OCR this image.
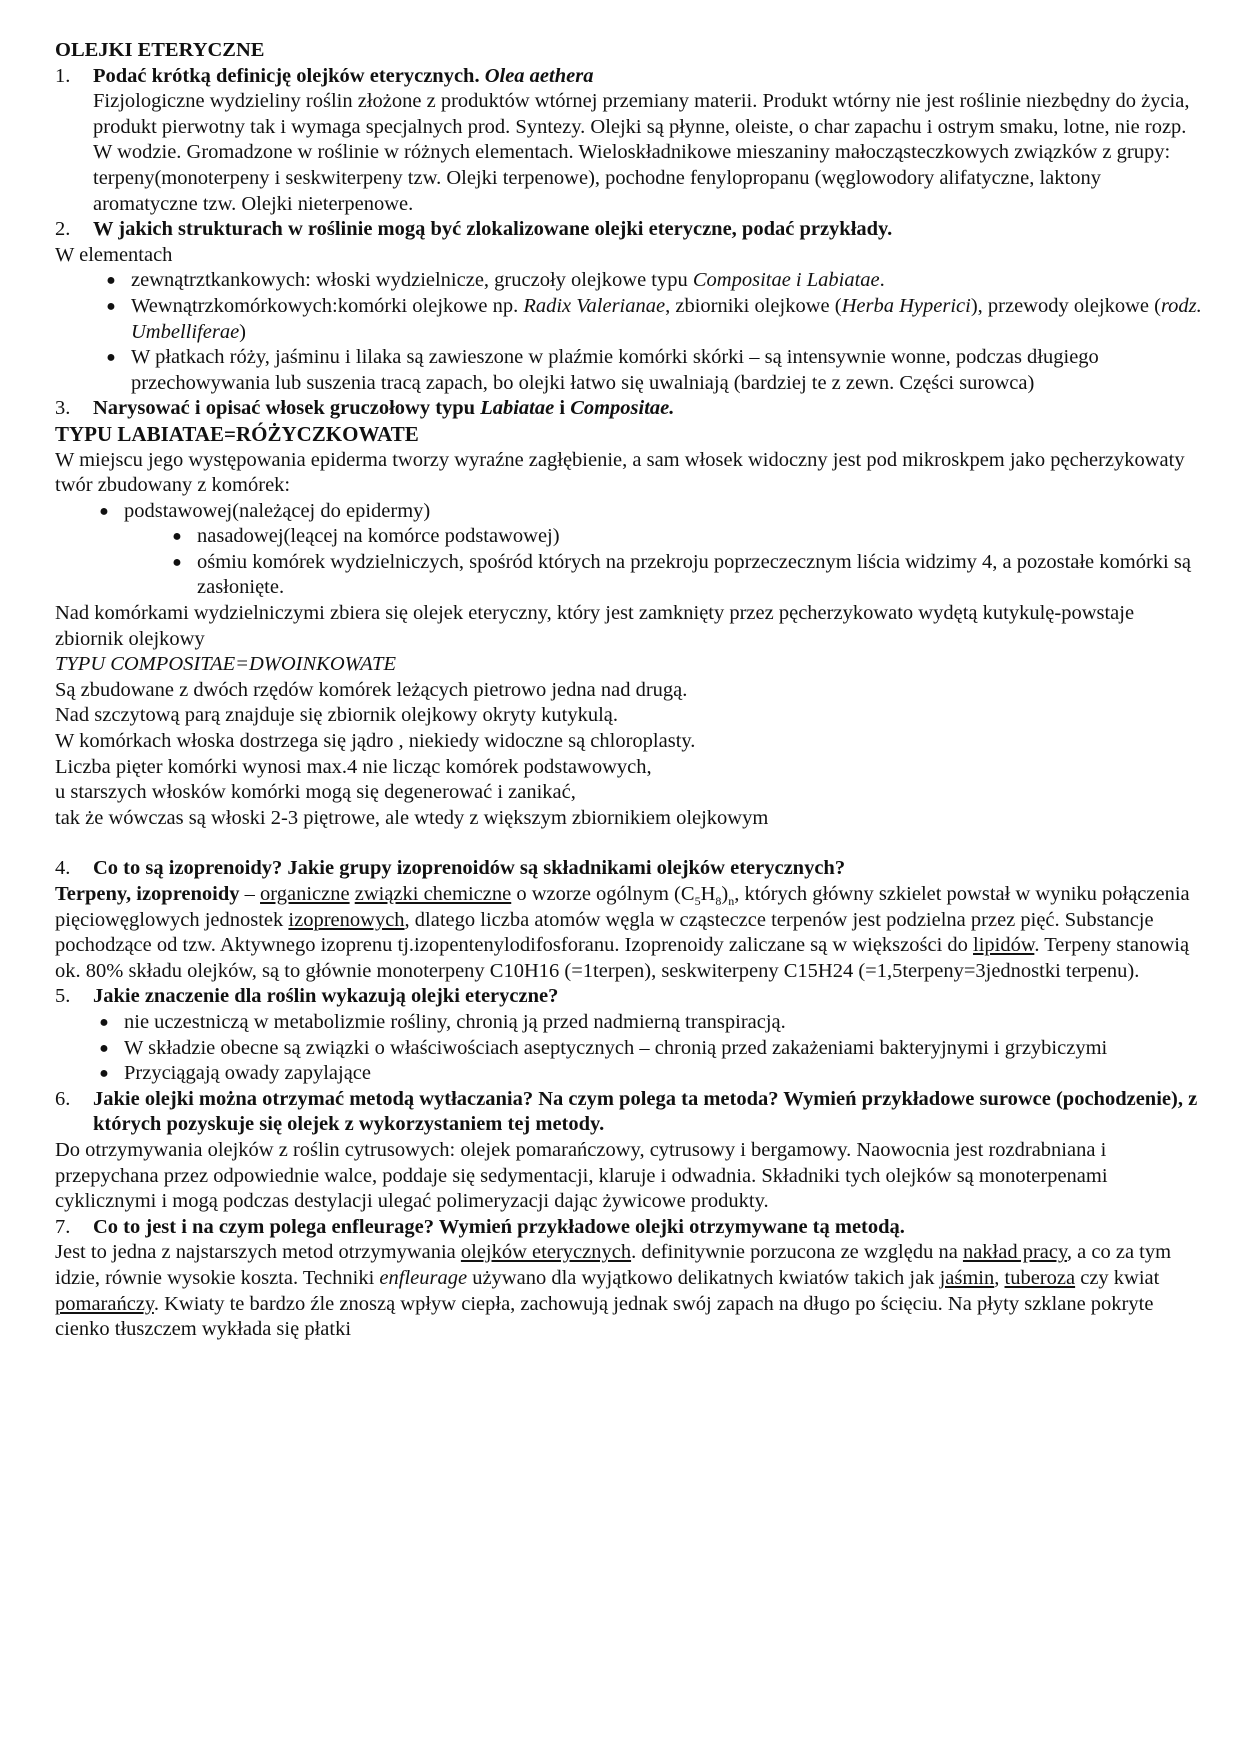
OLEJKI ETERYCZNE
1.	Podać krótką definicję olejków eterycznych. Olea aethera
Fizjologiczne wydzieliny roślin złożone z produktów wtórnej przemiany materii. Produkt wtórny nie jest roślinie niezbędny do życia, produkt pierwotny tak i wymaga specjalnych prod. Syntezy. Olejki są płynne, oleiste, o char zapachu i ostrym smaku, lotne, nie rozp. W wodzie. Gromadzone w roślinie w różnych elementach. Wieloskładnikowe mieszaniny małocząsteczkowych związków z grupy: terpeny(monoterpeny i seskwiterpeny tzw. Olejki terpenowe), pochodne fenylopropanu (węglowodory alifatyczne, laktony aromatyczne tzw. Olejki nieterpenowe.
2.	W jakich strukturach w roślinie mogą być zlokalizowane olejki eteryczne, podać przykłady.
W elementach
● zewnątrztkankowych: włoski wydzielnicze, gruczoły olejkowe typu Compositae i Labiatae.
● Wewnątrzkomórkowych:komórki olejkowe np. Radix Valerianae, zbiorniki olejkowe (Herba Hyperici), przewody olejkowe (rodz. Umbelliferae)
● W płatkach róży, jaśminu i lilaka są zawieszone w plaźmie komórki skórki – są intensywnie wonne, podczas długiego przechowywania lub suszenia tracą zapach, bo olejki łatwo się uwalniają (bardziej te z zewn. Części surowca)
3.	Narysować i opisać włosek gruczołowy typu Labiatae i Compositae.
TYPU LABIATAE=RÓŻYCZKOWATE
W miejscu jego występowania epiderma tworzy wyraźne zagłębienie, a sam włosek widoczny jest pod mikroskpem jako pęcherzykowaty twór zbudowany z komórek:
● podstawowej(należącej do epidermy)
● nasadowej(leącej na komórce podstawowej)
● ośmiu komórek wydzielniczych, spośród których na przekroju poprzeczecznym liścia widzimy 4, a pozostałe komórki są zasłonięte.
Nad komórkami wydzielniczymi zbiera się olejek eteryczny, który jest zamknięty przez pęcherzykowato wydętą kutykulę-powstaje zbiornik olejkowy
TYPU COMPOSITAE=DWOINKOWATE
Są zbudowane z dwóch rzędów komórek leżących pietrowo jedna nad drugą.
Nad szczytową parą znajduje się zbiornik olejkowy okryty kutykulą.
W komórkach włoska dostrzega się jądro , niekiedy widoczne są chloroplasty.
Liczba pięter komórki wynosi max.4 nie licząc komórek podstawowych,
u starszych włosków komórki mogą się degenerować i zanikać,
tak że wówczas są włoski 2-3 piętrowe, ale wtedy z większym zbiornikiem olejkowym
4.	Co to są izoprenoidy? Jakie grupy izoprenoidów są składnikami olejków eterycznych?
Terpeny, izoprenoidy – organiczne związki chemiczne o wzorze ogólnym $(C_5H_8)_n$, których główny szkielet powstał w wyniku połączenia pięciowęglowych jednostek izoprenowych, dlatego liczba atomów węgla w cząsteczce terpenów jest podzielna przez pięć. Substancje pochodzące od tzw. Aktywnego izoprenu tj.izopentenylodifosforanu. Izoprenoidy zaliczane są w większości do lipidów. Terpeny stanowią ok. 80% składu olejków, są to głównie monoterpeny C10H16 (=1terpen), seskwiterpeny C15H24 (=1,5terpeny=3jednostki terpenu).
5.	Jakie znaczenie dla roślin wykazują olejki eteryczne?
● nie uczestniczą w metabolizmie rośliny, chronią ją przed nadmierną transpiracją.
● W składzie obecne są związki o właściwościach aseptycznych – chronią przed zakażeniami bakteryjnymi i grzybiczymi
● Przyciągają owady zapylające
6.	Jakie olejki można otrzymać metodą wytłaczania? Na czym polega ta metoda? Wymień przykładowe surowce (pochodzenie), z których pozyskuje się olejek z wykorzystaniem tej metody.
Do otrzymywania olejków z roślin cytrusowych: olejek pomarańczowy, cytrusowy i bergamowy. Naowocnia jest rozdrabniana i przepychana przez odpowiednie walce, poddaje się sedymentacji, klaruje i odwadnia. Składniki tych olejków są monoterpenami cyklicznymi i mogą podczas destylacji ulegać polimeryzacji dając żywicowe produkty.
7.	Co to jest i na czym polega enfleurage? Wymień przykładowe olejki otrzymywane tą metodą.
Jest to jedna z najstarszych metod otrzymywania olejków eterycznych. definitywnie porzucona ze względu na nakład pracy, a co za tym idzie, równie wysokie koszta. Techniki enfleurage używano dla wyjątkowo delikatnych kwiatów takich jak jaśmin, tuberoza czy kwiat pomarańczy. Kwiaty te bardzo źle znoszą wpływ ciepła, zachowują jednak swój zapach na długo po ścięciu. Na płyty szklane pokryte cienko tłuszczem wykłada się płatki
